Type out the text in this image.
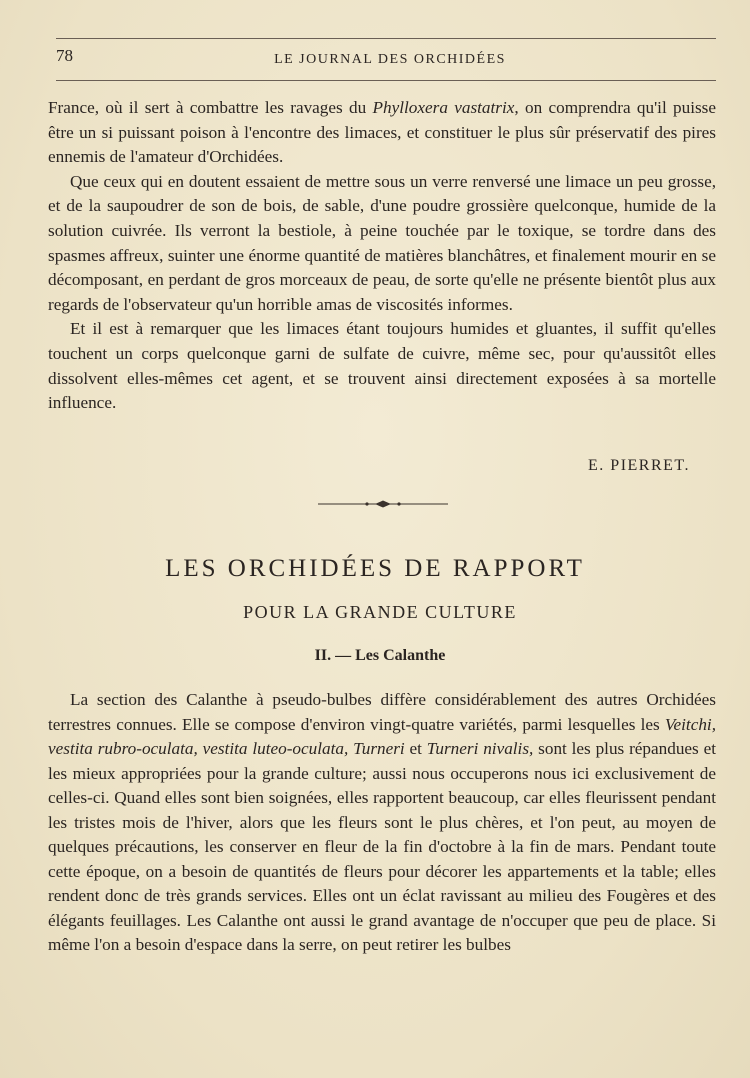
78	LE JOURNAL DES ORCHIDÉES

France, où il sert à combattre les ravages du Phylloxera vastatrix, on comprendra qu'il puisse être un si puissant poison à l'encontre des limaces, et constituer le plus sûr préservatif des pires ennemis de l'amateur d'Orchidées.

Que ceux qui en doutent essaient de mettre sous un verre renversé une limace un peu grosse, et de la saupoudrer de son de bois, de sable, d'une poudre grossière quelconque, humide de la solution cuivrée. Ils verront la bestiole, à peine touchée par le toxique, se tordre dans des spasmes affreux, suinter une énorme quantité de matières blanchâtres, et finalement mourir en se décomposant, en perdant de gros morceaux de peau, de sorte qu'elle ne présente bientôt plus aux regards de l'observateur qu'un horrible amas de viscosités informes.

Et il est à remarquer que les limaces étant toujours humides et gluantes, il suffit qu'elles touchent un corps quelconque garni de sulfate de cuivre, même sec, pour qu'aussitôt elles dissolvent elles-mêmes cet agent, et se trouvent ainsi directement exposées à sa mortelle influence.

E. PIERRET.
LES ORCHIDÉES DE RAPPORT
POUR LA GRANDE CULTURE
II. — Les Calanthe

La section des Calanthe à pseudo-bulbes diffère considérablement des autres Orchidées terrestres connues. Elle se compose d'environ vingt-quatre variétés, parmi lesquelles les Veitchi, vestita rubro-oculata, vestita luteo-oculata, Turneri et Turneri nivalis, sont les plus répandues et les mieux appropriées pour la grande culture; aussi nous occuperons nous ici exclusivement de celles-ci. Quand elles sont bien soignées, elles rapportent beaucoup, car elles fleurissent pendant les tristes mois de l'hiver, alors que les fleurs sont le plus chères, et l'on peut, au moyen de quelques précautions, les conserver en fleur de la fin d'octobre à la fin de mars. Pendant toute cette époque, on a besoin de quantités de fleurs pour décorer les appartements et la table; elles rendent donc de très grands services. Elles ont un éclat ravissant au milieu des Fougères et des élégants feuillages. Les Calanthe ont aussi le grand avantage de n'occuper que peu de place. Si même l'on a besoin d'espace dans la serre, on peut retirer les bulbes
